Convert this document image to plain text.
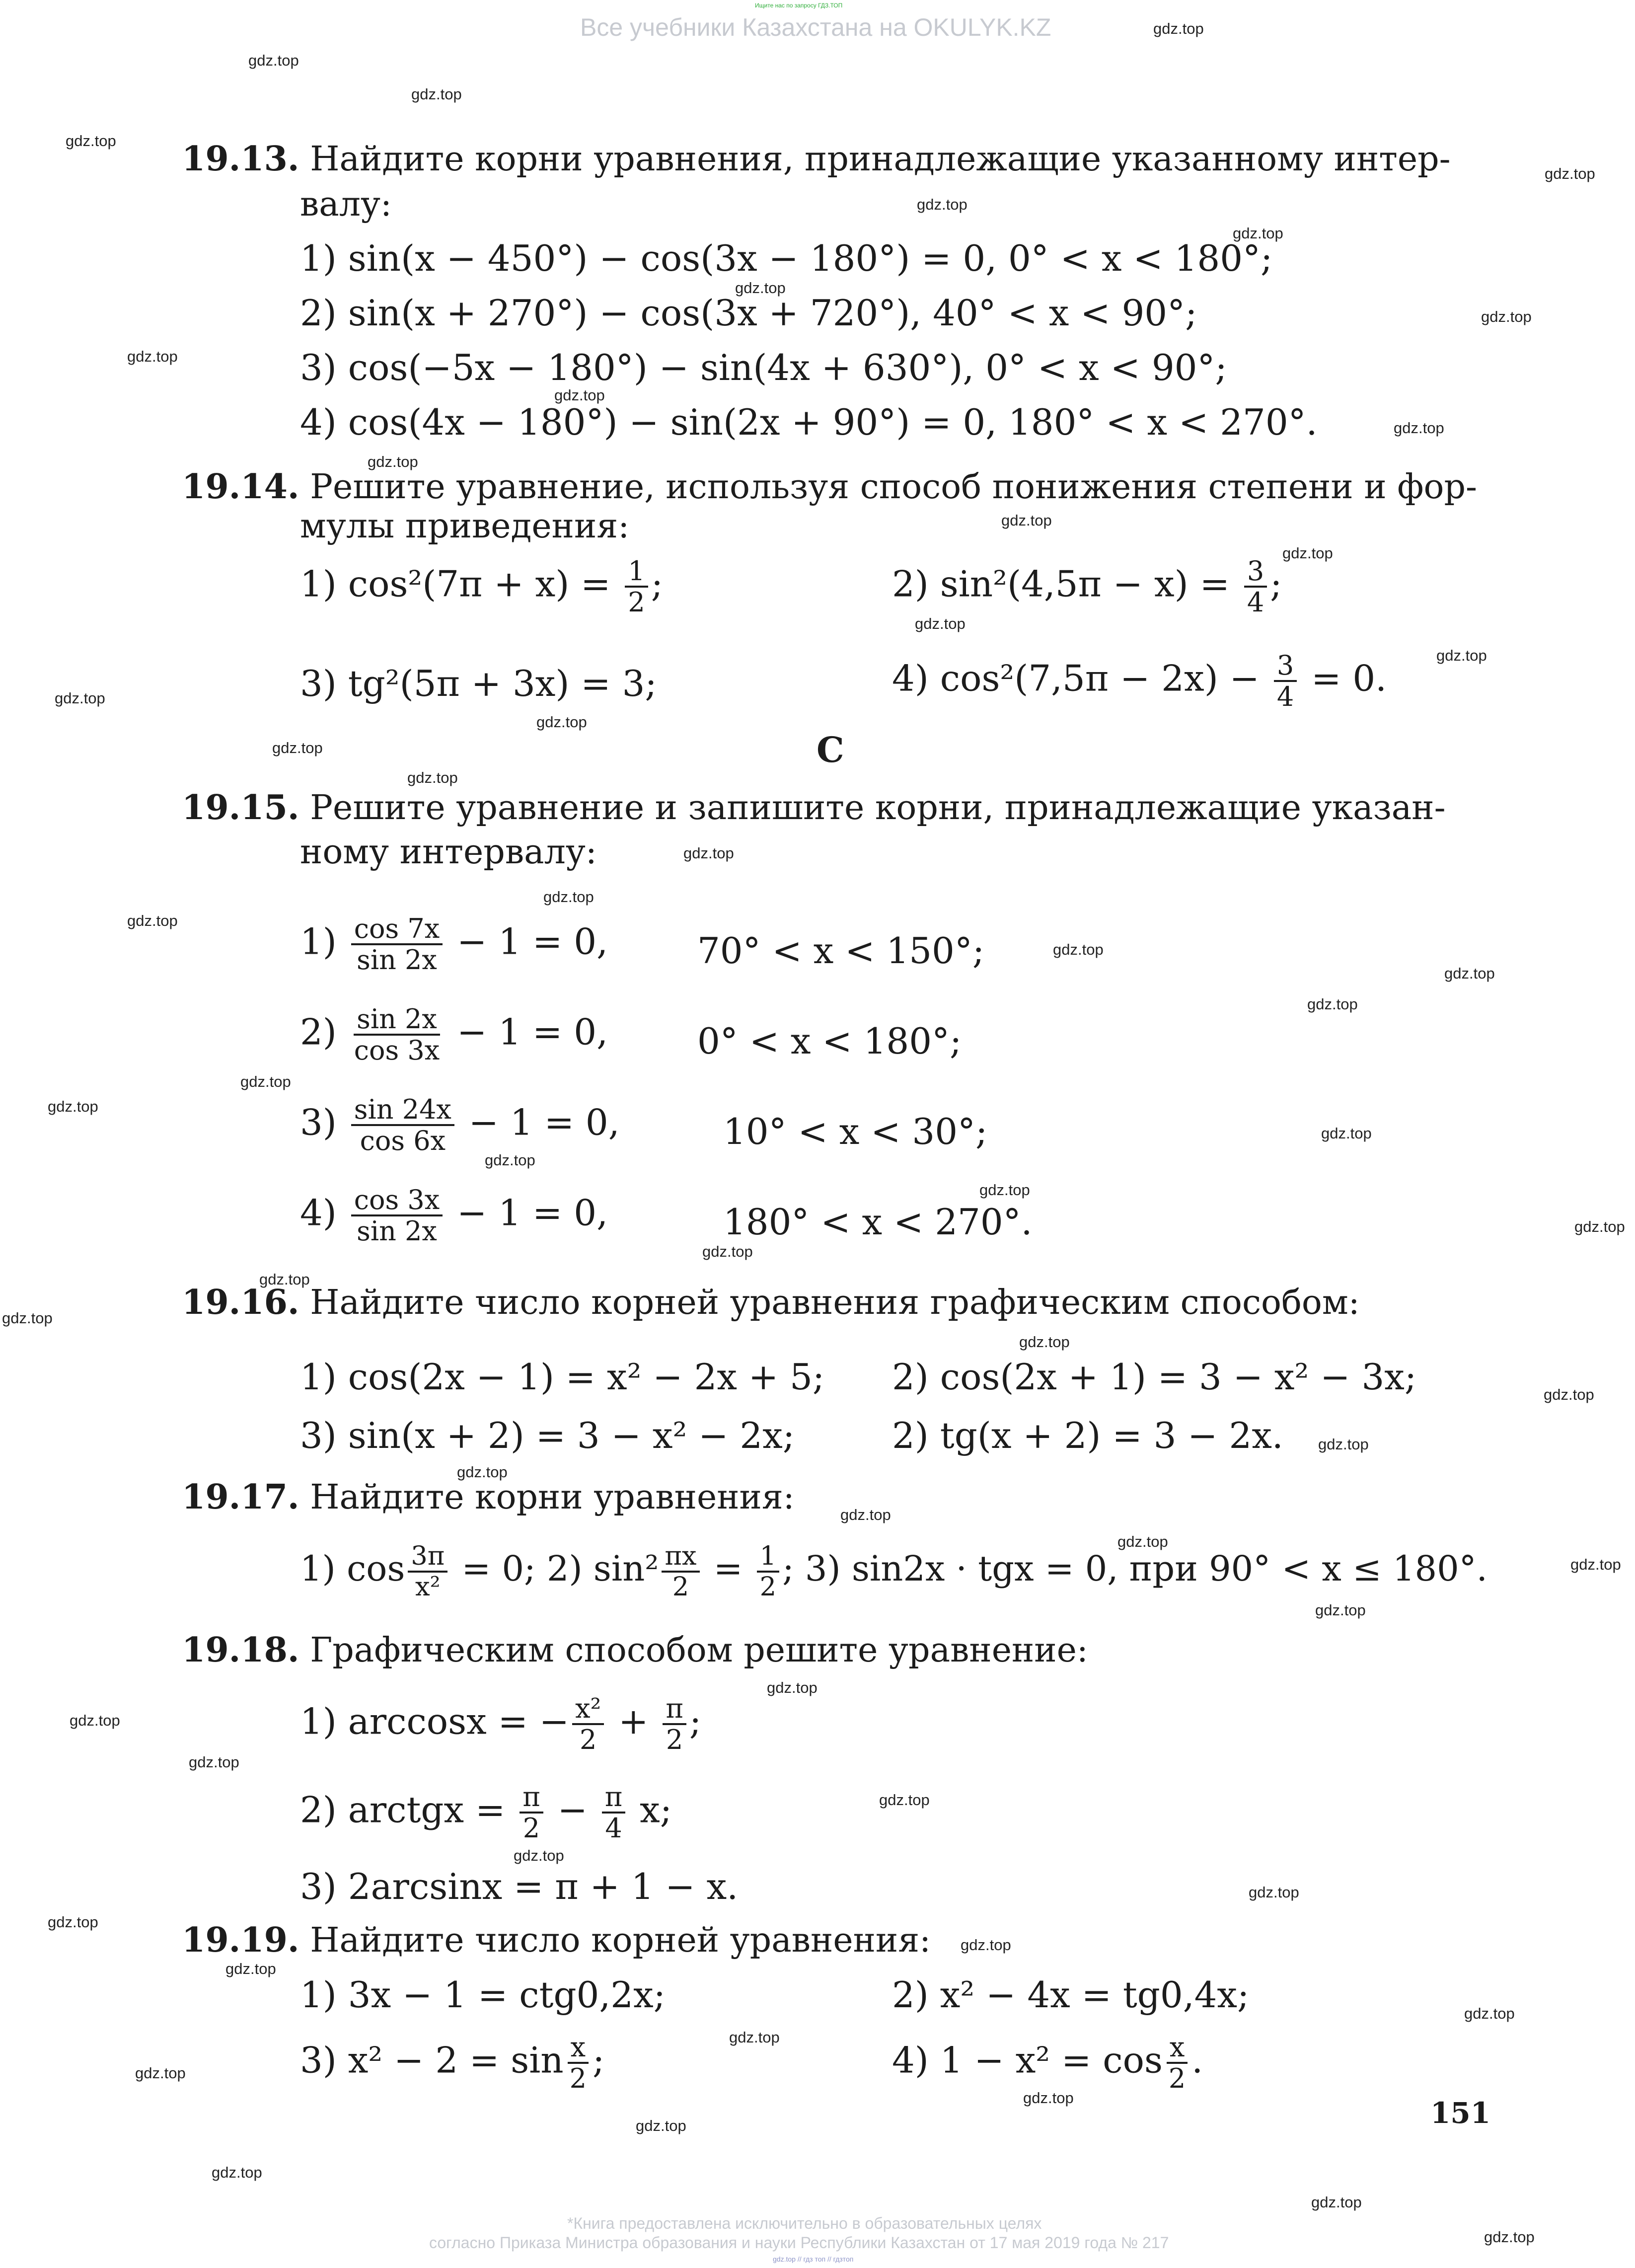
Ищите нас по запросу ГДЗ.ТОП
Все учебники Казахстана на OKULYK.KZ	gdz.top
gdz.top
gdz.top
gdz.top
gdz.top
gdz.top
gdz.top
gdz.top
gdz.top
gdz.top
gdz.top
gdz.top
gdz.top
gdz.top
gdz.top
gdz.top
gdz.top
gdz.top
gdz.top
gdz.top
gdz.top
gdz.top
gdz.top
gdz.top
gdz.top
gdz.top
gdz.top
gdz.top
gdz.top
gdz.top
gdz.top
gdz.top
gdz.top
gdz.top
gdz.top
gdz.top
gdz.top
gdz.top
gdz.top
gdz.top
gdz.top
gdz.top
gdz.top
gdz.top
gdz.top
gdz.top
gdz.top
gdz.top
gdz.top
gdz.top
gdz.top
gdz.top
gdz.top
gdz.top
gdz.top
gdz.top
gdz.top
gdz.top
gdz.top
gdz.top
gdz.top
19.13. Найдите корни уравнения, принадлежащие указанному интер-
валу:
1) sin(x − 450°) − cos(3x − 180°) = 0, 0° < x < 180°;
2) sin(x + 270°) − cos(3x + 720°), 40° < x < 90°;
3) cos(−5x − 180°) − sin(4x + 630°), 0° < x < 90°;
4) cos(4x − 180°) − sin(2x + 90°) = 0, 180° < x < 270°.
19.14. Решите уравнение, используя способ понижения степени и фор-
мулы приведения:
1) $\cos^2(7\pi + x) = \frac{1}{2}$ ;	2) $\sin^2(4,5\pi - x) = \frac{3}{4}$ ;
3) tg²(5π + 3x) = 3;	4) $\cos^2(7,5\pi - 2x) - \frac{3}{4} = 0$.
C
19.15. Решите уравнение и запишите корни, принадлежащие указан-
ному интервалу:
$1) \frac{\cos 7x}{\sin 2x} - 1 = 0$,	70° < x < 150°;
$2) \frac{\sin 2x}{\cos 3x} - 1 = 0$,	0° < x < 180°;
$3) \frac{\sin 24x}{\cos 6x} - 1 = 0$,	10° < x < 30°;
$4) \frac{\cos 3x}{\sin 2x} - 1 = 0$,	180° < x < 270°.
19.16. Найдите число корней уравнения графическим способом:
1) cos(2x − 1) = x² − 2x + 5; 2) cos(2x + 1) = 3 − x² − 3x;
3) sin(x + 2) = 3 − x² − 2x;	2) tg(x + 2) = 3 − 2x.
19.17. Найдите корни уравнения:
1) $\cos \frac{3\pi}{\text{x²}} = 0$; 2) $\sin^2 \frac{\pi x}{2} = \frac{1}{2}$ ; 3) sin2x · tgx = 0, при 90° < x ≤ 180°.
19.18. Графическим способом решите уравнение:
1) arccosx = − $\frac{\text{x²}}{2} + \frac{\pi}{2}$ ;
2) arctgx = $\frac{\pi}{2} - \frac{\pi}{4} x$;
3) 2arcsinx = π + 1 − x.
19.19. Найдите число корней уравнения:
1) 3x − 1 = ctg0,2x;	2) x² − 4x = tg0,4x;
3) $x^2 - 2 = \sin \frac{x}{2}$ ;	4) $1 - x^2 = \cos \frac{x}{2}$ .
151
*Книга предоставлена исключительно в образовательных целях
согласно Приказа Министра образования и науки Республики Казахстан от 17 мая 2019 года № 217
gdz.top // гдз топ // гдзтоп
